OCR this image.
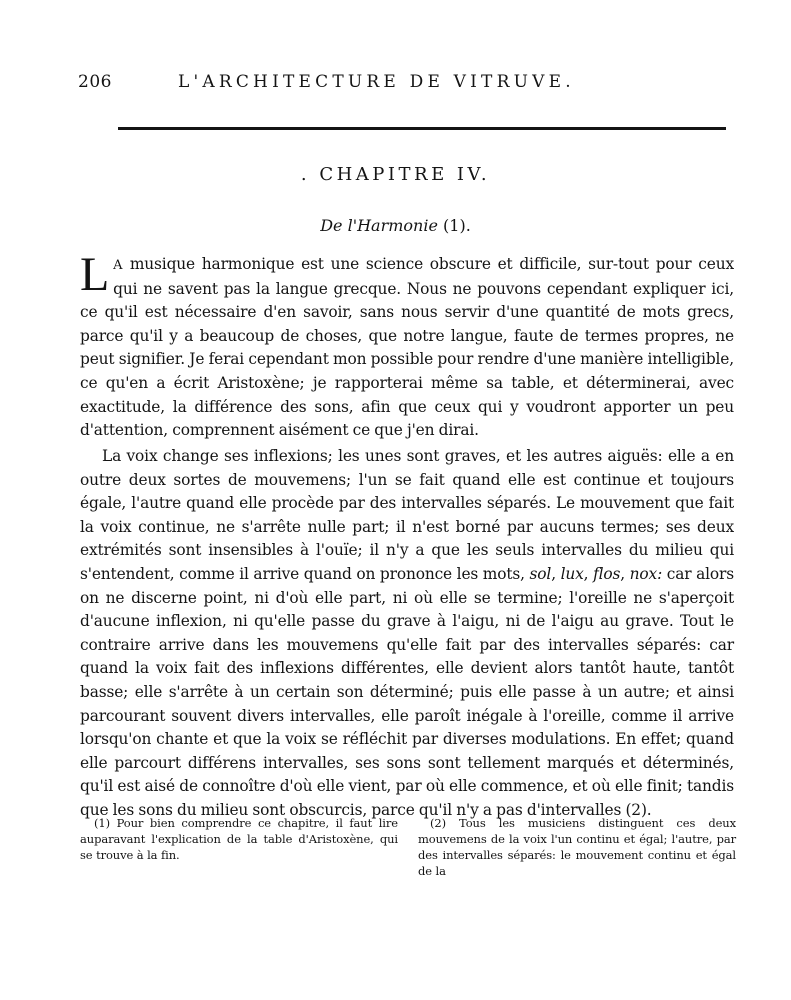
206	L'ARCHITECTURE DE VITRUVE.
. CHAPITRE IV.
De l'Harmonie (1).
L A musique harmonique est une science obscure et difficile, sur-tout pour ceux qui ne savent pas la langue grecque. Nous ne pouvons cependant expliquer ici, ce qu'il est nécessaire d'en savoir, sans nous servir d'une quantité de mots grecs, parce qu'il y a beaucoup de choses, que notre langue, faute de termes propres, ne peut signifier. Je ferai cependant mon possible pour rendre d'une manière intelligible, ce qu'en a écrit Aristoxène; je rapporterai même sa table, et déterminerai, avec exactitude, la différence des sons, afin que ceux qui y voudront apporter un peu d'attention, comprennent aisément ce que j'en dirai.
La voix change ses inflexions; les unes sont graves, et les autres aiguës: elle a en outre deux sortes de mouvemens; l'un se fait quand elle est continue et toujours égale, l'autre quand elle procède par des intervalles séparés. Le mouvement que fait la voix continue, ne s'arrête nulle part; il n'est borné par aucuns termes; ses deux extrémités sont insensibles à l'ouïe; il n'y a que les seuls intervalles du milieu qui s'entendent, comme il arrive quand on prononce les mots, sol, lux, flos, nox: car alors on ne discerne point, ni d'où elle part, ni où elle se termine; l'oreille ne s'aperçoit d'aucune inflexion, ni qu'elle passe du grave à l'aigu, ni de l'aigu au grave. Tout le contraire arrive dans les mouvemens qu'elle fait par des intervalles séparés: car quand la voix fait des inflexions différentes, elle devient alors tantôt haute, tantôt basse; elle s'arrête à un certain son déterminé; puis elle passe à un autre; et ainsi parcourant souvent divers intervalles, elle paroît inégale à l'oreille, comme il arrive lorsqu'on chante et que la voix se réfléchit par diverses modulations. En effet; quand elle parcourt différens intervalles, ses sons sont tellement marqués et déterminés, qu'il est aisé de connoître d'où elle vient, par où elle commence, et où elle finit; tandis que les sons du milieu sont obscurcis, parce qu'il n'y a pas d'intervalles (2).
(1) Pour bien comprendre ce chapitre, il faut lire auparavant l'explication de la table d'Aristoxène, qui se trouve à la fin.
(2) Tous les musiciens distinguent ces deux mouvemens de la voix l'un continu et égal; l'autre, par des intervalles séparés: le mouvement continu et égal de la
